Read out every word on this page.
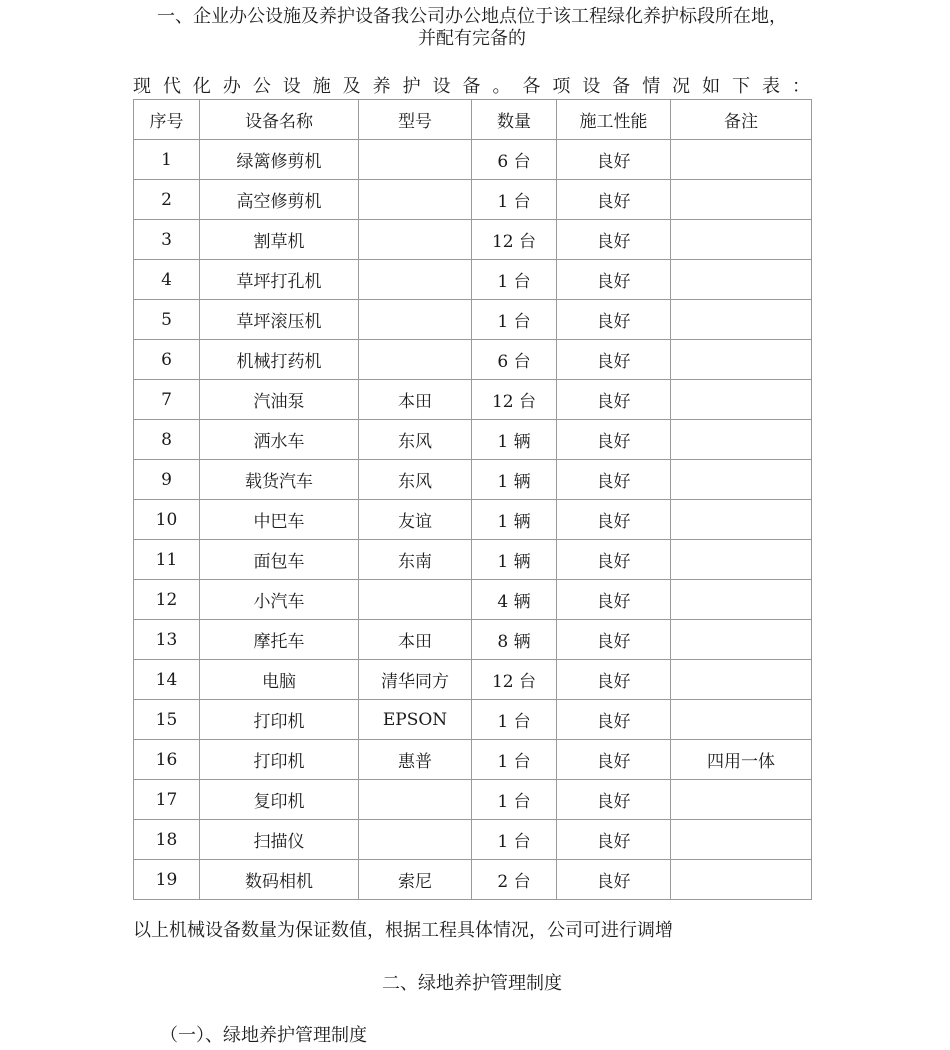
一、企业办公设施及养护设备我公司办公地点位于该工程绿化养护标段所在地，
并配有完备的
现代化办公设施及养护设备。各项设备情况如下表：
序号	设备名称	型号	数量	施工性能	备注
1	绿篱修剪机		6 台	良好	
2	高空修剪机		1 台	良好	
3	割草机		12 台	良好	
4	草坪打孔机		1 台	良好	
5	草坪滚压机		1 台	良好	
6	机械打药机		6 台	良好	
7	汽油泵	本田	12 台	良好	
8	洒水车	东风	1 辆	良好	
9	载货汽车	东风	1 辆	良好	
10	中巴车	友谊	1 辆	良好	
11	面包车	东南	1 辆	良好	
12	小汽车		4 辆	良好	
13	摩托车	本田	8 辆	良好	
14	电脑	清华同方	12 台	良好	
15	打印机	EPSON	1 台	良好	
16	打印机	惠普	1 台	良好	四用一体
17	复印机		1 台	良好	
18	扫描仪		1 台	良好	
19	数码相机	索尼	2 台	良好	
以上机械设备数量为保证数值，根据工程具体情况，公司可进行调增
二、绿地养护管理制度
（一）、绿地养护管理制度
